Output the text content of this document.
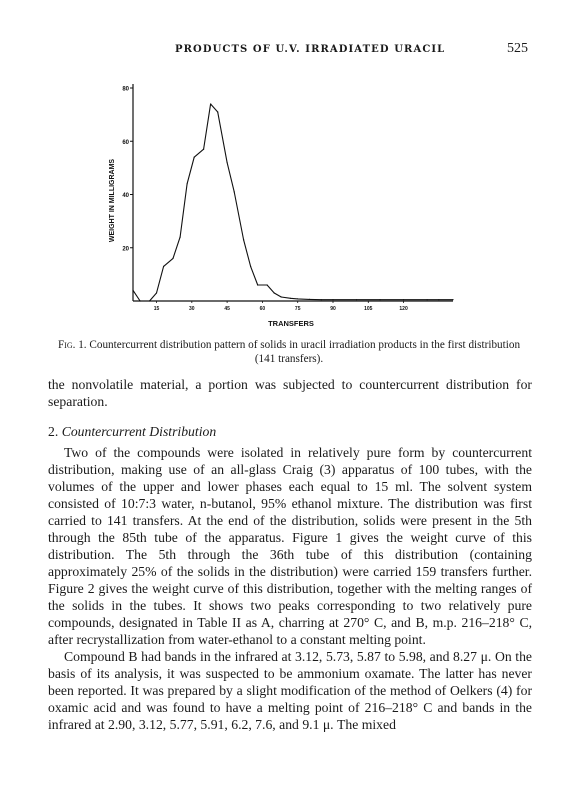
PRODUCTS OF U.V. IRRADIATED URACIL	525
20
40
60
80
15	30	45	60	75	90	105	120
TRANSFERS
WEIGHT IN MILLIGRAMS
Fig. 1. Countercurrent distribution pattern of solids in uracil irradiation products in the first distribution (141 transfers).

the nonvolatile material, a portion was subjected to countercurrent distribution for separation.

2. Countercurrent Distribution

Two of the compounds were isolated in relatively pure form by countercurrent distribution, making use of an all-glass Craig (3) apparatus of 100 tubes, with the volumes of the upper and lower phases each equal to 15 ml. The solvent system consisted of 10:7:3 water, n-butanol, 95% ethanol mixture. The distribution was first carried to 141 transfers. At the end of the distribution, solids were present in the 5th through the 85th tube of the apparatus. Figure 1 gives the weight curve of this distribution. The 5th through the 36th tube of this distribution (containing approximately 25% of the solids in the distribution) were carried 159 transfers further. Figure 2 gives the weight curve of this distribution, together with the melting ranges of the solids in the tubes. It shows two peaks corresponding to two relatively pure compounds, designated in Table II as A, charring at 270° C, and B, m.p. 216–218° C, after recrystallization from water-ethanol to a constant melting point.

Compound B had bands in the infrared at 3.12, 5.73, 5.87 to 5.98, and 8.27 μ. On the basis of its analysis, it was suspected to be ammonium oxamate. The latter has never been reported. It was prepared by a slight modification of the method of Oelkers (4) for oxamic acid and was found to have a melting point of 216–218° C and bands in the infrared at 2.90, 3.12, 5.77, 5.91, 6.2, 7.6, and 9.1 μ. The mixed
